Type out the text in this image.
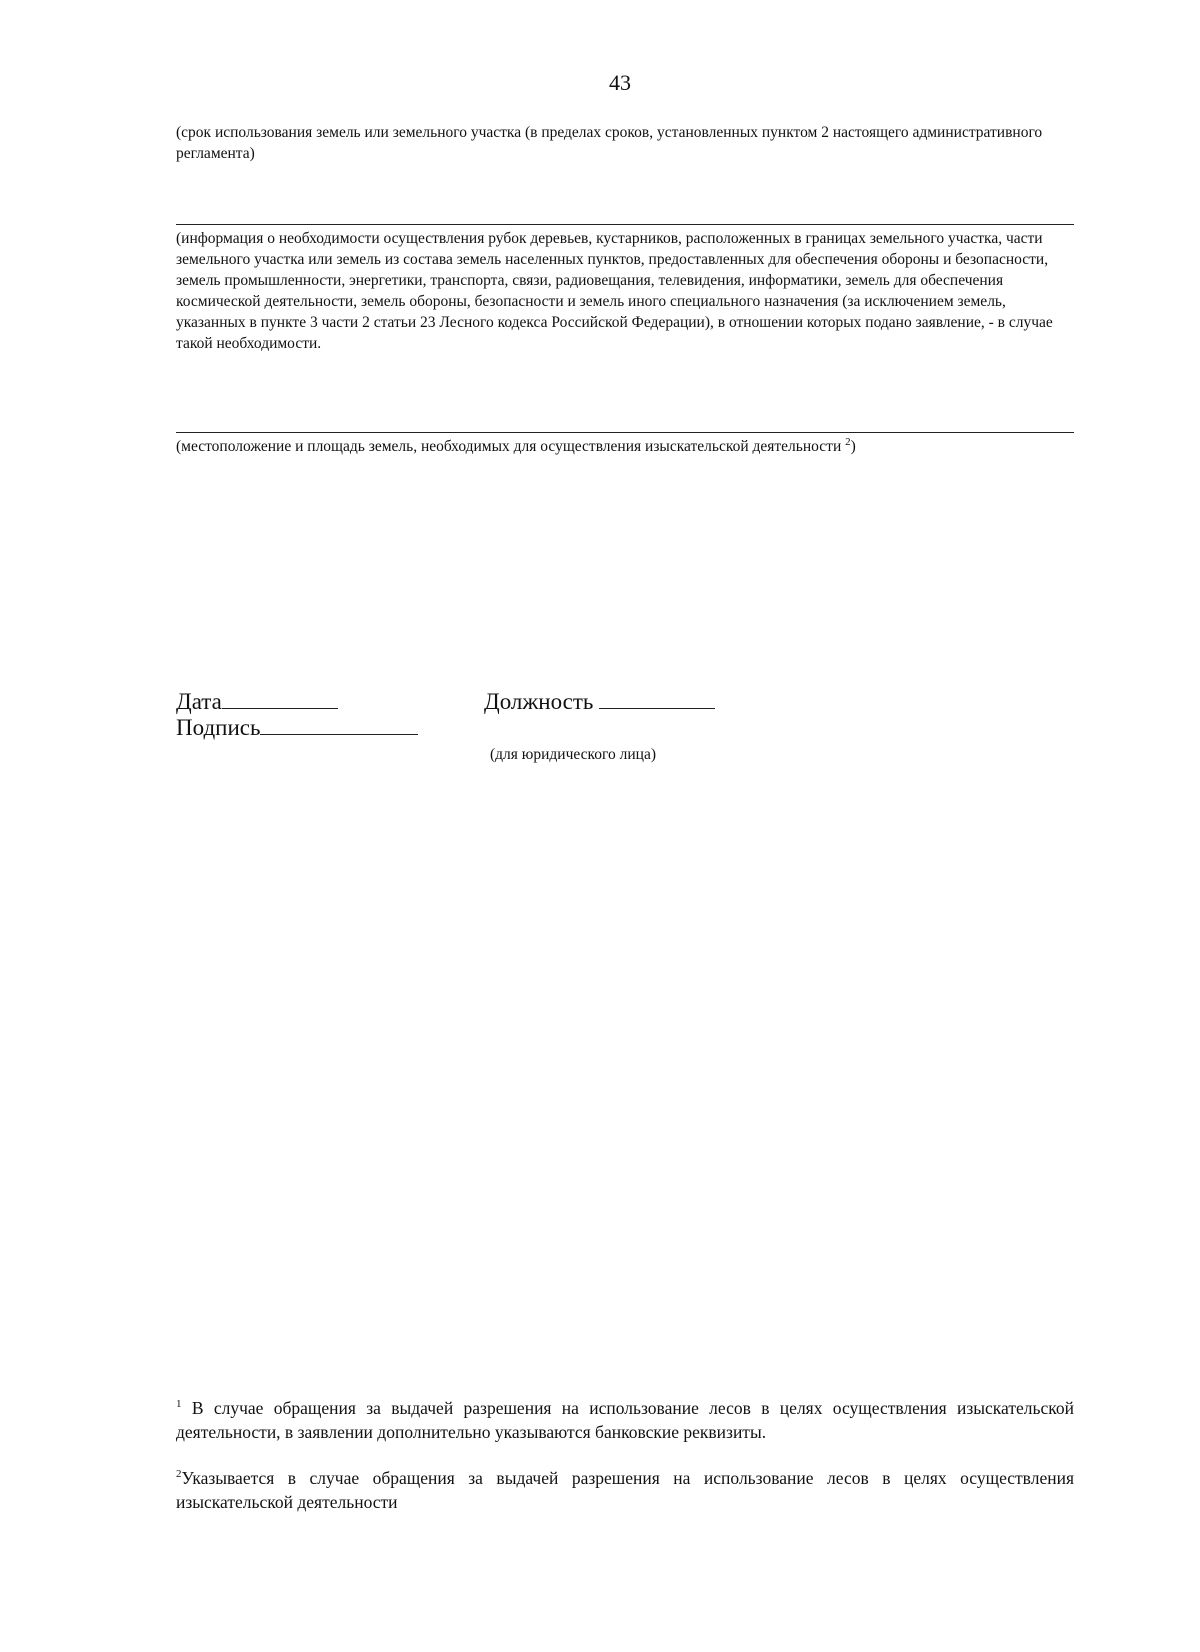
43
(срок использования земель или земельного участка (в пределах сроков, установленных пунктом 2 настоящего административного регламента)
(информация о необходимости осуществления рубок деревьев, кустарников, расположенных в границах земельного участка, части земельного участка или земель из состава земель населенных пунктов, предоставленных для обеспечения обороны и безопасности, земель промышленности, энергетики, транспорта, связи, радиовещания, телевидения, информатики, земель для обеспечения космической деятельности, земель обороны, безопасности и земель иного специального назначения (за исключением земель, указанных в пункте 3 части 2 статьи 23 Лесного кодекса Российской Федерации), в отношении которых подано заявление, - в случае такой необходимости.
(местоположение и площадь земель, необходимых для осуществления изыскательской деятельности $^2$)
Дата	Должность
Подпись
(для юридического лица)
$^1$ В случае обращения за выдачей разрешения на использование лесов в целях осуществления изыскательской деятельности, в заявлении дополнительно указываются банковские реквизиты.
$^2$Указывается в случае обращения за выдачей разрешения на использование лесов в целях осуществления изыскательской деятельности
